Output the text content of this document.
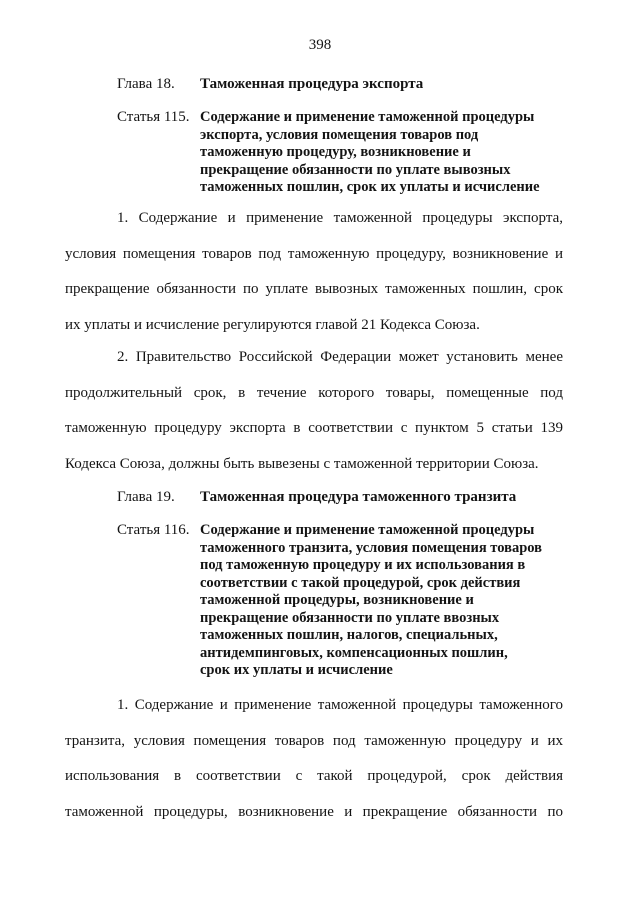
398
Глава 18. Таможенная процедура экспорта
Статья 115. Содержание и применение таможенной процедуры
экспорта, условия помещения товаров под
таможенную процедуру, возникновение и
прекращение обязанности по уплате вывозных
таможенных пошлин, срок их уплаты и исчисление
1. Содержание и применение таможенной процедуры экспорта,
условия помещения товаров под таможенную процедуру, возникновение и
прекращение обязанности по уплате вывозных таможенных пошлин, срок
их уплаты и исчисление регулируются главой 21 Кодекса Союза.
2. Правительство Российской Федерации может установить менее
продолжительный срок, в течение которого товары, помещенные под
таможенную процедуру экспорта в соответствии с пунктом 5 статьи 139
Кодекса Союза, должны быть вывезены с таможенной территории Союза.
Глава 19. Таможенная процедура таможенного транзита
Статья 116. Содержание и применение таможенной процедуры
таможенного транзита, условия помещения товаров
под таможенную процедуру и их использования в
соответствии с такой процедурой, срок действия
таможенной процедуры, возникновение и
прекращение обязанности по уплате ввозных
таможенных пошлин, налогов, специальных,
антидемпинговых, компенсационных пошлин,
срок их уплаты и исчисление
1. Содержание и применение таможенной процедуры таможенного
транзита, условия помещения товаров под таможенную процедуру и их
использования в соответствии с такой процедурой, срок действия
таможенной процедуры, возникновение и прекращение обязанности по
